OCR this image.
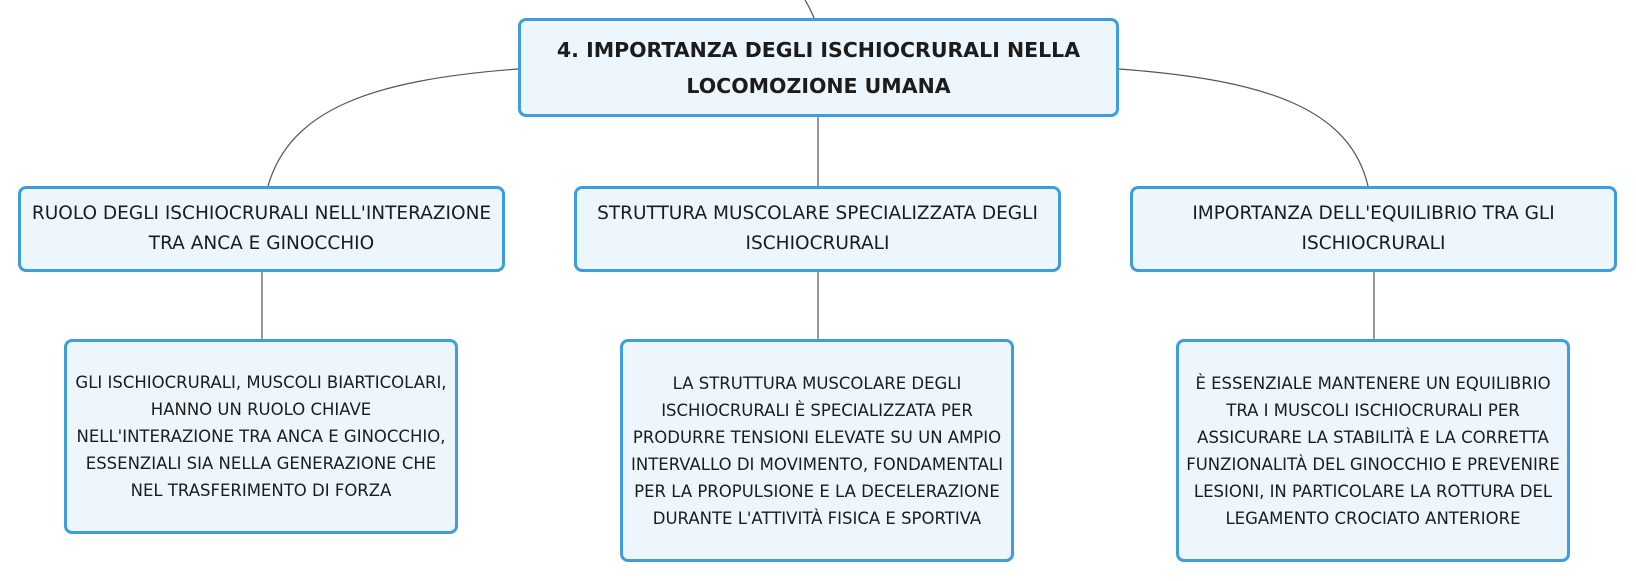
4. IMPORTANZA DEGLI ISCHIOCRURALI NELLA LOCOMOZIONE UMANA
RUOLO DEGLI ISCHIOCRURALI NELL'INTERAZIONE TRA ANCA E GINOCCHIO
STRUTTURA MUSCOLARE SPECIALIZZATA DEGLI ISCHIOCRURALI
IMPORTANZA DELL'EQUILIBRIO TRA GLI ISCHIOCRURALI
GLI ISCHIOCRURALI, MUSCOLI BIARTICOLARI, HANNO UN RUOLO CHIAVE NELL'INTERAZIONE TRA ANCA E GINOCCHIO, ESSENZIALI SIA NELLA GENERAZIONE CHE NEL TRASFERIMENTO DI FORZA
LA STRUTTURA MUSCOLARE DEGLI ISCHIOCRURALI È SPECIALIZZATA PER PRODURRE TENSIONI ELEVATE SU UN AMPIO INTERVALLO DI MOVIMENTO, FONDAMENTALI PER LA PROPULSIONE E LA DECELERAZIONE DURANTE L'ATTIVITÀ FISICA E SPORTIVA
È ESSENZIALE MANTENERE UN EQUILIBRIO TRA I MUSCOLI ISCHIOCRURALI PER ASSICURARE LA STABILITÀ E LA CORRETTA FUNZIONALITÀ DEL GINOCCHIO E PREVENIRE LESIONI, IN PARTICOLARE LA ROTTURA DEL LEGAMENTO CROCIATO ANTERIORE
